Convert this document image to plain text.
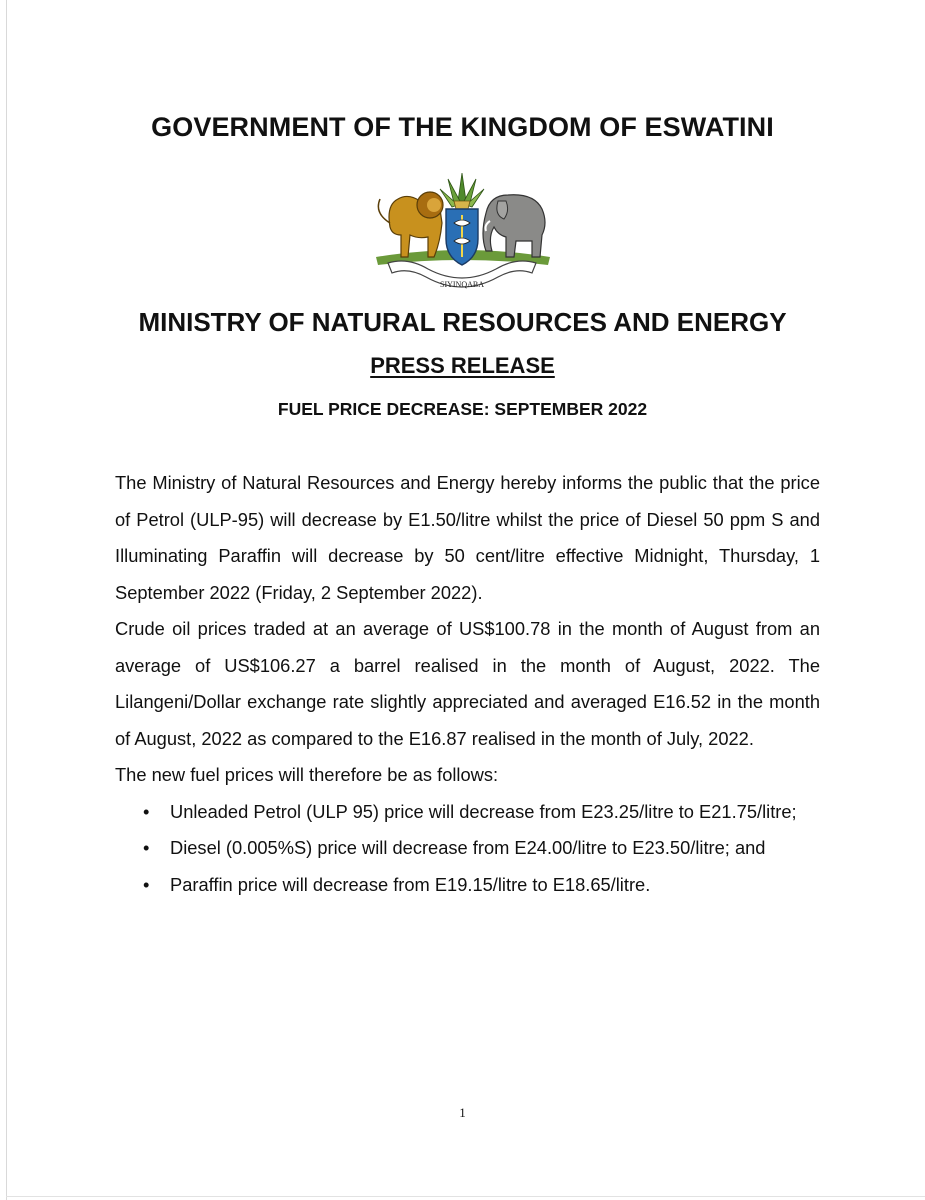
GOVERNMENT OF THE KINGDOM OF ESWATINI
SIYINQABA
MINISTRY OF NATURAL RESOURCES AND ENERGY
PRESS RELEASE
FUEL PRICE DECREASE: SEPTEMBER 2022

The Ministry of Natural Resources and Energy hereby informs the public that the price of Petrol (ULP-95) will decrease by E1.50/litre whilst the price of Diesel 50 ppm S and Illuminating Paraffin will decrease by 50 cent/litre effective Midnight, Thursday, 1 September 2022 (Friday, 2 September 2022).

Crude oil prices traded at an average of US$100.78 in the month of August from an average of US$106.27 a barrel realised in the month of August, 2022. The Lilangeni/Dollar exchange rate slightly appreciated and averaged E16.52 in the month of August, 2022 as compared to the E16.87 realised in the month of July, 2022.

The new fuel prices will therefore be as follows:

• Unleaded Petrol (ULP 95) price will decrease from E23.25/litre to E21.75/litre;
• Diesel (0.005%S) price will decrease from E24.00/litre to E23.50/litre; and
• Paraffin price will decrease from E19.15/litre to E18.65/litre.
1
